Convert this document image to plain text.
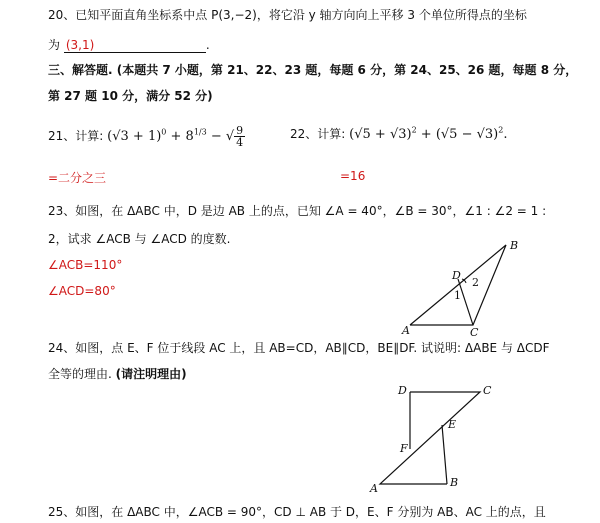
20、已知平面直角坐标系中点 P(3,−2)，将它沿 y 轴方向向上平移 3 个单位所得点的坐标
为 (3,1)	.
三、解答题. (本题共 7 小题，第 21、22、23 题，每题 6 分，第 24、25、26 题，每题 8 分，
第 27 题 10 分，满分 52 分)
21、计算: $(√3 + 1)^0 + 8^{1/3}$ − √ $\frac{9}{4}$	22、计算: $(√5 + √3)^2 + (√5 - √3)^2$.
=二分之三	=16
23、如图，在 ΔABC 中，D 是边 AB 上的点，已知 ∠A = 40°，∠B = 30°，∠1 : ∠2 = 1 :
2，试求 ∠ACB 与 ∠ACD 的度数.
∠ACB=110°
∠ACD=80°
A
B
C
D
1
2
24、如图，点 E、F 位于线段 AC 上，且 AB=CD，AB∥CD，BE∥DF. 试说明: ΔABE 与 ΔCDF
全等的理由. (请注明理由)
D	C
E
F
A	B
25、如图，在 ΔABC 中，∠ACB = 90°，CD ⊥ AB 于 D，E、F 分别为 AB、AC 上的点，且
